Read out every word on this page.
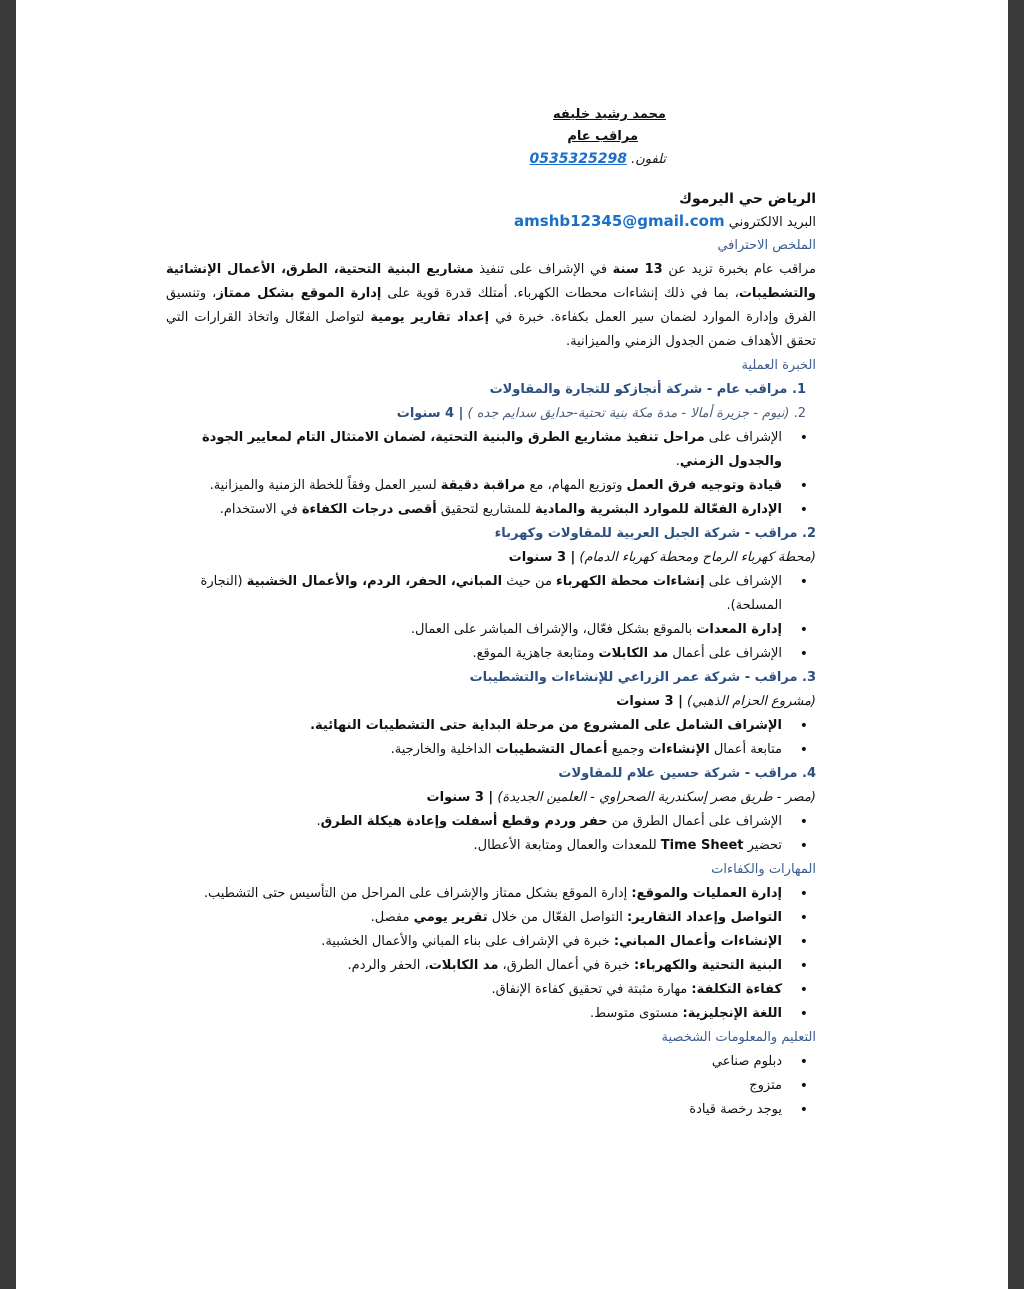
محمد رشيد خليفه
مراقب عام
تلفون. 0535325298
الرياض حي اليرموك
البريد الالكتروني amshb12345@gmail.com
الملخص الاحترافي
مراقب عام بخبرة تزيد عن 13 سنة في الإشراف على تنفيذ مشاريع البنية التحتية، الطرق، الأعمال الإنشائية والتشطيبات، بما في ذلك إنشاءات محطات الكهرباء. أمتلك قدرة قوية على إدارة الموقع بشكل ممتاز، وتنسيق الفرق وإدارة الموارد لضمان سير العمل بكفاءة. خبرة في إعداد تقارير يومية لتواصل الفعّال واتخاذ القرارات التي تحقق الأهداف ضمن الجدول الزمني والميزانية.
الخبرة العملية
1. مراقب عام - شركة أنجازكو للتجارة والمقاولات
2. (نيوم - جزيرة أمالا - مدة مكة بنية تحتية-حدايق سدايم جده ) | 4 سنوات
• الإشراف على مراحل تنفيذ مشاريع الطرق والبنية التحتية، لضمان الامتثال التام لمعايير الجودة والجدول الزمني.
• قيادة وتوجيه فرق العمل وتوزيع المهام، مع مراقبة دقيقة لسير العمل وفقاً للخطة الزمنية والميزانية.
• الإدارة الفعّالة للموارد البشرية والمادية للمشاريع لتحقيق أقصى درجات الكفاءة في الاستخدام.
2. مراقب - شركة الجبل العربية للمقاولات وكهرباء
(محطة كهرباء الرماح ومحطة كهرباء الدمام) | 3 سنوات
• الإشراف على إنشاءات محطة الكهرباء من حيث المباني، الحفر، الردم، والأعمال الخشبية (النجارة المسلحة).
• إدارة المعدات بالموقع بشكل فعّال، والإشراف المباشر على العمال.
• الإشراف على أعمال مد الكابلات ومتابعة جاهزية الموقع.
3. مراقب - شركة عمر الزراعي للإنشاءات والتشطيبات
(مشروع الحزام الذهبي) | 3 سنوات
• الإشراف الشامل على المشروع من مرحلة البداية حتى التشطيبات النهائية.
• متابعة أعمال الإنشاءات وجميع أعمال التشطيبات الداخلية والخارجية.
4. مراقب - شركة حسين علام للمقاولات
(مصر - طريق مصر إسكندرية الصحراوي - العلمين الجديدة) | 3 سنوات
• الإشراف على أعمال الطرق من حفر وردم وقطع أسفلت وإعادة هيكلة الطرق.
• تحضير Time Sheet للمعدات والعمال ومتابعة الأعطال.
المهارات والكفاءات
• إدارة العمليات والموقع: إدارة الموقع بشكل ممتاز والإشراف على المراحل من التأسيس حتى التشطيب.
• التواصل وإعداد التقارير: التواصل الفعّال من خلال تقرير يومي مفصل.
• الإنشاءات وأعمال المباني: خبرة في الإشراف على بناء المباني والأعمال الخشبية.
• البنية التحتية والكهرباء: خبرة في أعمال الطرق، مد الكابلات، الحفر والردم.
• كفاءة التكلفة: مهارة مثبتة في تحقيق كفاءة الإنفاق.
• اللغة الإنجليزية: مستوى متوسط.
التعليم والمعلومات الشخصية
• دبلوم صناعي
• متزوج
• يوجد رخصة قيادة
